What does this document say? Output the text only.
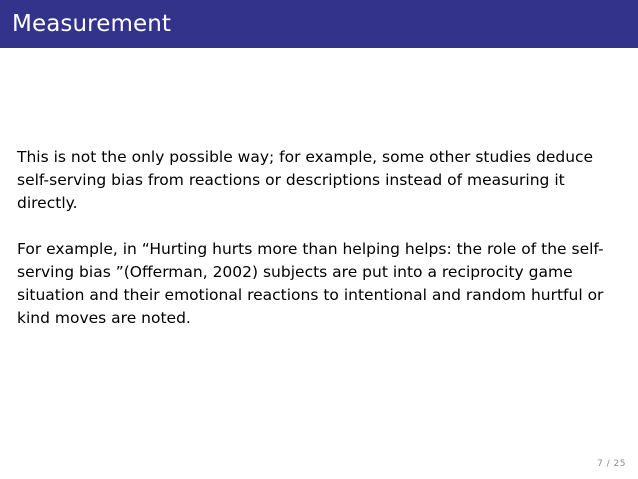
Measurement

This is not the only possible way; for example, some other studies deduce self-serving bias from reactions or descriptions instead of measuring it directly.

For example, in “Hurting hurts more than helping helps: the role of the self-serving bias ”(Offerman, 2002) subjects are put into a reciprocity game situation and their emotional reactions to intentional and random hurtful or kind moves are noted.

7 / 25
